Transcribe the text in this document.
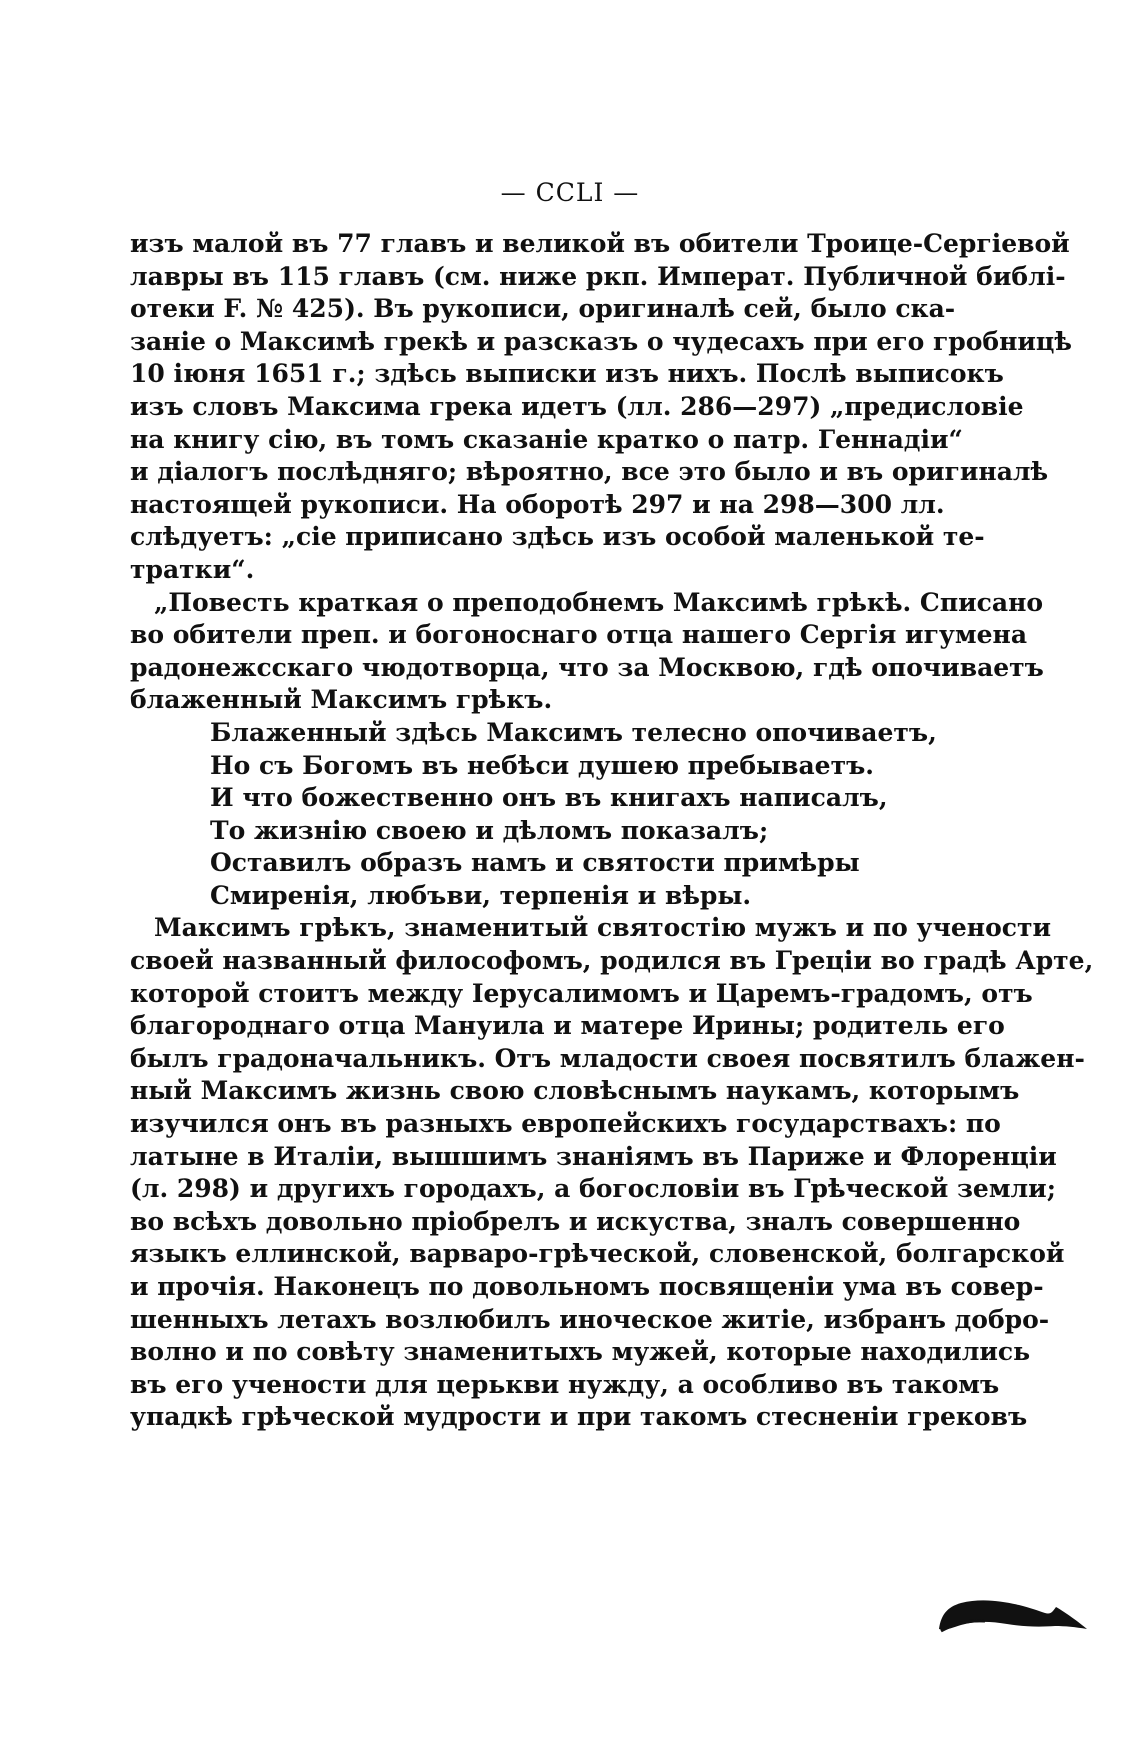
— CCLI —
изъ малой въ 77 главъ и великой въ обители Троице-Сергіевой
лавры въ 115 главъ (см. ниже ркп. Императ. Публичной библі-
отеки F. № 425). Въ рукописи, оригиналѣ сей, было ска-
заніе о Максимѣ грекѣ и разсказъ о чудесахъ при его гробницѣ
10 іюня 1651 г.; здѣсь выписки изъ нихъ. Послѣ выписокъ
изъ словъ Максима грека идетъ (лл. 286—297) „предисловіе
на книгу сію, въ томъ сказаніе кратко о патр. Геннадіи“
и діалогъ послѣдняго; вѣроятно, все это было и въ оригиналѣ
настоящей рукописи. На оборотѣ 297 и на 298—300 лл.
слѣдуетъ: „сіе приписано здѣсь изъ особой маленькой те-
тратки“.
„Повесть краткая о преподобнемъ Максимѣ грѣкѣ. Списано
во обители преп. и богоноснаго отца нашего Сергія игумена
радонежсскаго чюдотворца, что за Москвою, гдѣ опочиваетъ
блаженный Максимъ грѣкъ.
Блаженный здѣсь Максимъ телесно опочиваетъ,
Но съ Богомъ въ небѣси душею пребываетъ.
И что божественно онъ въ книгахъ написалъ,
То жизнію своею и дѣломъ показалъ;
Оставилъ образъ намъ и святости примѣры
Смиренія, любъви, терпенія и вѣры.
Максимъ грѣкъ, знаменитый святостію мужъ и по учености
своей названный философомъ, родился въ Греціи во градѣ Арте,
которой стоитъ между Іерусалимомъ и Царемъ-градомъ, отъ
благороднаго отца Мануила и матере Ирины; родитель его
былъ градоначальникъ. Отъ младости своея посвятилъ блажен-
ный Максимъ жизнь свою словѣснымъ наукамъ, которымъ
изучился онъ въ разныхъ европейскихъ государствахъ: по
латыне в Италіи, вышшимъ знаніямъ въ Париже и Флоренціи
(л. 298) и другихъ городахъ, а богословіи въ Грѣческой земли;
во всѣхъ довольно пріобрелъ и искуства, зналъ совершенно
языкъ еллинской, варваро-грѣческой, словенской, болгарской
и прочія. Наконецъ по довольномъ посвященіи ума въ совер-
шенныхъ летахъ возлюбилъ иноческое житіе, избранъ добро-
волно и по совѣту знаменитыхъ мужей, которые находились
въ его учености для церькви нужду, а особливо въ такомъ
упадкѣ грѣческой мудрости и при такомъ стесненіи грековъ
